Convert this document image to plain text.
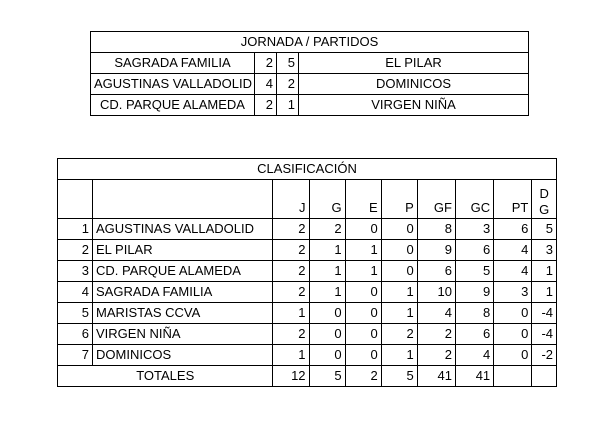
JORNADA / PARTIDOS			
SAGRADA FAMILIA	2	5	EL PILAR
AGUSTINAS VALLADOLID	4	2	DOMINICOS
CD. PARQUE ALAMEDA	2	1	VIRGEN NIÑA
CLASIFICACIÓN									
		J	G	E	P	GF	GC	PT	D
G
1	AGUSTINAS VALLADOLID	2	2	0	0	8	3	6	5
2	EL PILAR	2	1	1	0	9	6	4	3
3	CD. PARQUE ALAMEDA	2	1	1	0	6	5	4	1
4	SAGRADA FAMILIA	2	1	0	1	10	9	3	1
5	MARISTAS CCVA	1	0	0	1	4	8	0	-4
6	VIRGEN NIÑA	2	0	0	2	2	6	0	-4
7	DOMINICOS	1	0	0	1	2	4	0	-2
TOTALES		12	5	2	5	41	41		
